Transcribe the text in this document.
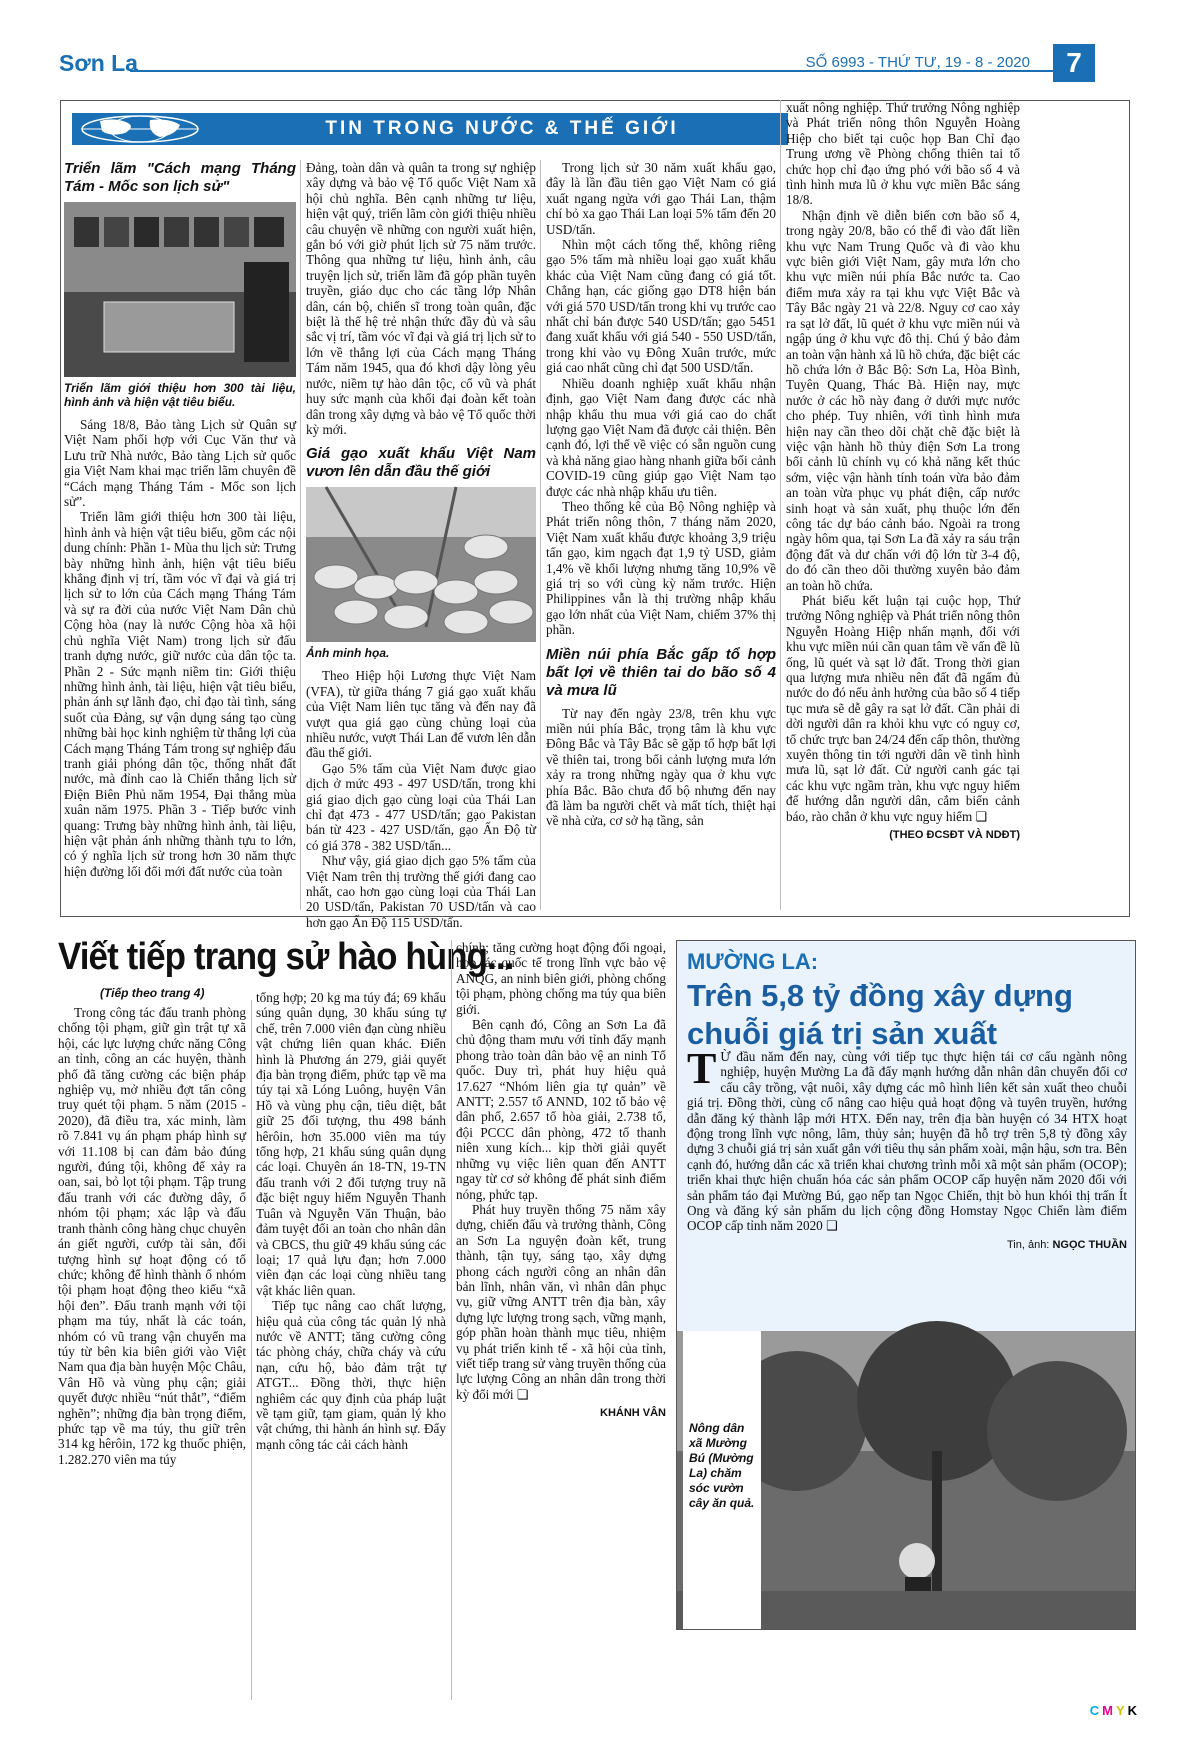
Sơn La	SỐ 6993 - THỨ TƯ, 19 - 8 - 2020	7
TIN TRONG NƯỚC & THẾ GIỚI
Triển lãm "Cách mạng Tháng Tám - Mốc son lịch sử"
Triển lãm giới thiệu hơn 300 tài liệu, hình ảnh và hiện vật tiêu biểu.

Sáng 18/8, Bảo tàng Lịch sử Quân sự Việt Nam phối hợp với Cục Văn thư và Lưu trữ Nhà nước, Bảo tàng Lịch sử quốc gia Việt Nam khai mạc triển lãm chuyên đề “Cách mạng Tháng Tám - Mốc son lịch sử”.

Triển lãm giới thiệu hơn 300 tài liệu, hình ảnh và hiện vật tiêu biểu, gồm các nội dung chính: Phần 1- Mùa thu lịch sử: Trưng bày những hình ảnh, hiện vật tiêu biểu khẳng định vị trí, tầm vóc vĩ đại và giá trị lịch sử to lớn của Cách mạng Tháng Tám và sự ra đời của nước Việt Nam Dân chủ Cộng hòa (nay là nước Cộng hòa xã hội chủ nghĩa Việt Nam) trong lịch sử đấu tranh dựng nước, giữ nước của dân tộc ta. Phần 2 - Sức mạnh niềm tin: Giới thiệu những hình ảnh, tài liệu, hiện vật tiêu biểu, phản ánh sự lãnh đạo, chỉ đạo tài tình, sáng suốt của Đảng, sự vận dụng sáng tạo cùng những bài học kinh nghiệm từ thắng lợi của Cách mạng Tháng Tám trong sự nghiệp đấu tranh giải phóng dân tộc, thống nhất đất nước, mà đỉnh cao là Chiến thắng lịch sử Điện Biên Phủ năm 1954, Đại thắng mùa xuân năm 1975. Phần 3 - Tiếp bước vinh quang: Trưng bày những hình ảnh, tài liệu, hiện vật phản ánh những thành tựu to lớn, có ý nghĩa lịch sử trong hơn 30 năm thực hiện đường lối đổi mới đất nước của toàn

Đảng, toàn dân và quân ta trong sự nghiệp xây dựng và bảo vệ Tổ quốc Việt Nam xã hội chủ nghĩa. Bên cạnh những tư liệu, hiện vật quý, triển lãm còn giới thiệu nhiều câu chuyện về những con người xuất hiện, gắn bó với giờ phút lịch sử 75 năm trước. Thông qua những tư liệu, hình ảnh, câu truyện lịch sử, triển lãm đã góp phần tuyên truyền, giáo dục cho các tầng lớp Nhân dân, cán bộ, chiến sĩ trong toàn quân, đặc biệt là thế hệ trẻ nhận thức đầy đủ và sâu sắc vị trí, tầm vóc vĩ đại và giá trị lịch sử to lớn về thắng lợi của Cách mạng Tháng Tám năm 1945, qua đó khơi dậy lòng yêu nước, niềm tự hào dân tộc, cổ vũ và phát huy sức mạnh của khối đại đoàn kết toàn dân trong xây dựng và bảo vệ Tổ quốc thời kỳ mới.

Giá gạo xuất khẩu Việt Nam vươn lên dẫn đầu thế giới
Ảnh minh họa.

Theo Hiệp hội Lương thực Việt Nam (VFA), từ giữa tháng 7 giá gạo xuất khẩu của Việt Nam liên tục tăng và đến nay đã vượt qua giá gạo cùng chủng loại của nhiều nước, vượt Thái Lan để vươn lên dẫn đầu thế giới.

Gạo 5% tấm của Việt Nam được giao dịch ở mức 493 - 497 USD/tấn, trong khi giá giao dịch gạo cùng loại của Thái Lan chỉ đạt 473 - 477 USD/tấn; gạo Pakistan bán từ 423 - 427 USD/tấn, gạo Ấn Độ từ có giá 378 - 382 USD/tấn...

Như vậy, giá giao dịch gạo 5% tấm của Việt Nam trên thị trường thế giới đang cao nhất, cao hơn gạo cùng loại của Thái Lan 20 USD/tấn, Pakistan 70 USD/tấn và cao hơn gạo Ấn Độ 115 USD/tấn.

Trong lịch sử 30 năm xuất khẩu gạo, đây là lần đầu tiên gạo Việt Nam có giá xuất ngang ngửa với gạo Thái Lan, thậm chí bỏ xa gạo Thái Lan loại 5% tấm đến 20 USD/tấn.

Nhìn một cách tổng thể, không riêng gạo 5% tấm mà nhiều loại gạo xuất khẩu khác của Việt Nam cũng đang có giá tốt. Chẳng hạn, các giống gạo DT8 hiện bán với giá 570 USD/tấn trong khi vụ trước cao nhất chỉ bán được 540 USD/tấn; gạo 5451 đang xuất khẩu với giá 540 - 550 USD/tấn, trong khi vào vụ Đông Xuân trước, mức giá cao nhất cũng chỉ đạt 500 USD/tấn.

Nhiều doanh nghiệp xuất khẩu nhận định, gạo Việt Nam đang được các nhà nhập khẩu thu mua với giá cao do chất lượng gạo Việt Nam đã được cải thiện. Bên cạnh đó, lợi thế về việc có sẵn nguồn cung và khả năng giao hàng nhanh giữa bối cảnh COVID-19 cũng giúp gạo Việt Nam tạo được các nhà nhập khẩu ưu tiên.

Theo thống kê của Bộ Nông nghiệp và Phát triển nông thôn, 7 tháng năm 2020, Việt Nam xuất khẩu được khoảng 3,9 triệu tấn gạo, kim ngạch đạt 1,9 tỷ USD, giảm 1,4% về khối lượng nhưng tăng 10,9% về giá trị so với cùng kỳ năm trước. Hiện Philippines vẫn là thị trường nhập khẩu gạo lớn nhất của Việt Nam, chiếm 37% thị phần.

Miền núi phía Bắc gấp tổ hợp bất lợi về thiên tai do bão số 4 và mưa lũ

Từ nay đến ngày 23/8, trên khu vực miền núi phía Bắc, trọng tâm là khu vực Đông Bắc và Tây Bắc sẽ gặp tổ hợp bất lợi về thiên tai, trong bối cảnh lượng mưa lớn xảy ra trong những ngày qua ở khu vực phía Bắc. Bão chưa đổ bộ nhưng đến nay đã làm ba người chết và mất tích, thiệt hại về nhà cửa, cơ sở hạ tầng, sản

xuất nông nghiệp. Thứ trưởng Nông nghiệp và Phát triển nông thôn Nguyễn Hoàng Hiệp cho biết tại cuộc họp Ban Chỉ đạo Trung ương về Phòng chống thiên tai tổ chức họp chỉ đạo ứng phó với bão số 4 và tình hình mưa lũ ở khu vực miền Bắc sáng 18/8.

Nhận định về diễn biến cơn bão số 4, trong ngày 20/8, bão có thể đi vào đất liền khu vực Nam Trung Quốc và đi vào khu vực biên giới Việt Nam, gây mưa lớn cho khu vực miền núi phía Bắc nước ta. Cao điểm mưa xảy ra tại khu vực Việt Bắc và Tây Bắc ngày 21 và 22/8. Nguy cơ cao xảy ra sạt lở đất, lũ quét ở khu vực miền núi và ngập úng ở khu vực đô thị. Chú ý bảo đảm an toàn vận hành xả lũ hồ chứa, đặc biệt các hồ chứa lớn ở Bắc Bộ: Sơn La, Hòa Bình, Tuyên Quang, Thác Bà. Hiện nay, mực nước ở các hồ này đang ở dưới mực nước cho phép. Tuy nhiên, với tình hình mưa hiện nay cần theo dõi chặt chẽ đặc biệt là việc vận hành hồ thủy điện Sơn La trong bối cảnh lũ chính vụ có khả năng kết thúc sớm, việc vận hành tính toán vừa bảo đảm an toàn vừa phục vụ phát điện, cấp nước sinh hoạt và sản xuất, phụ thuộc lớn đến công tác dự báo cảnh báo. Ngoài ra trong ngày hôm qua, tại Sơn La đã xảy ra sáu trận động đất và dư chấn với độ lớn từ 3-4 độ, do đó cần theo dõi thường xuyên bảo đảm an toàn hồ chứa.

Phát biểu kết luận tại cuộc họp, Thứ trưởng Nông nghiệp và Phát triển nông thôn Nguyễn Hoàng Hiệp nhấn mạnh, đối với khu vực miền núi cần quan tâm về vấn đề lũ ống, lũ quét và sạt lở đất. Trong thời gian qua lượng mưa nhiều nên đất đã ngấm đủ nước do đó nếu ảnh hưởng của bão số 4 tiếp tục mưa sẽ dễ gây ra sạt lở đất. Cần phải di dời người dân ra khỏi khu vực có nguy cơ, tổ chức trực ban 24/24 đến cấp thôn, thường xuyên thông tin tới người dân về tình hình mưa lũ, sạt lở đất. Cử người canh gác tại các khu vực ngầm tràn, khu vực nguy hiểm để hướng dẫn người dân, cắm biển cảnh báo, rào chắn ở khu vực nguy hiểm ❑

(THEO ĐCSĐT VÀ NDĐT)
Viết tiếp trang sử hào hùng...
(Tiếp theo trang 4)

Trong công tác đấu tranh phòng chống tội phạm, giữ gìn trật tự xã hội, các lực lượng chức năng Công an tỉnh, công an các huyện, thành phố đã tăng cường các biện pháp nghiệp vụ, mở nhiều đợt tấn công truy quét tội phạm. 5 năm (2015 - 2020), đã điều tra, xác minh, làm rõ 7.841 vụ án phạm pháp hình sự với 11.108 bị can đảm bảo đúng người, đúng tội, không để xảy ra oan, sai, bỏ lọt tội phạm. Tập trung đấu tranh với các đường dây, ổ nhóm tội phạm; xác lập và đấu tranh thành công hàng chục chuyên án giết người, cướp tài sản, đối tượng hình sự hoạt động có tổ chức; không để hình thành ổ nhóm tội phạm hoạt động theo kiểu “xã hội đen”. Đấu tranh mạnh với tội phạm ma túy, nhất là các toán, nhóm có vũ trang vận chuyển ma túy từ bên kia biên giới vào Việt Nam qua địa bàn huyện Mộc Châu, Vân Hồ và vùng phụ cận; giải quyết được nhiều “nút thắt”, “điểm nghẽn”; những địa bàn trọng điểm, phức tạp về ma túy, thu giữ trên 314 kg hêrôin, 172 kg thuốc phiện, 1.282.270 viên ma túy

tổng hợp; 20 kg ma túy đá; 69 khẩu súng quân dụng, 30 khẩu súng tự chế, trên 7.000 viên đạn cùng nhiều vật chứng liên quan khác. Điển hình là Phương án 279, giải quyết địa bàn trọng điểm, phức tạp về ma túy tại xã Lóng Luông, huyện Vân Hồ và vùng phụ cận, tiêu diệt, bắt giữ 25 đối tượng, thu 498 bánh hêrôin, hơn 35.000 viên ma túy tổng hợp, 21 khẩu súng quân dụng các loại. Chuyên án 18-TN, 19-TN đấu tranh với 2 đối tượng truy nã đặc biệt nguy hiểm Nguyễn Thanh Tuân và Nguyễn Văn Thuận, bảo đảm tuyệt đối an toàn cho nhân dân và CBCS, thu giữ 49 khẩu súng các loại; 17 quả lựu đạn; hơn 7.000 viên đạn các loại cùng nhiều tang vật khác liên quan.

Tiếp tục nâng cao chất lượng, hiệu quả của công tác quản lý nhà nước về ANTT; tăng cường công tác phòng cháy, chữa cháy và cứu nạn, cứu hộ, bảo đảm trật tự ATGT... Đồng thời, thực hiện nghiêm các quy định của pháp luật về tạm giữ, tạm giam, quản lý kho vật chứng, thi hành án hình sự. Đẩy mạnh công tác cải cách hành

chính; tăng cường hoạt động đối ngoại, hợp tác quốc tế trong lĩnh vực bảo vệ ANQG, an ninh biên giới, phòng chống tội phạm, phòng chống ma túy qua biên giới.

Bên cạnh đó, Công an Sơn La đã chủ động tham mưu với tỉnh đẩy mạnh phong trào toàn dân bảo vệ an ninh Tổ quốc. Duy trì, phát huy hiệu quả 17.627 “Nhóm liên gia tự quản” về ANTT; 2.557 tổ ANND, 102 tổ bảo vệ dân phố, 2.657 tổ hòa giải, 2.738 tổ, đội PCCC dân phòng, 472 tổ thanh niên xung kích... kịp thời giải quyết những vụ việc liên quan đến ANTT ngay từ cơ sở không để phát sinh điểm nóng, phức tạp.

Phát huy truyền thống 75 năm xây dựng, chiến đấu và trưởng thành, Công an Sơn La nguyện đoàn kết, trung thành, tận tụy, sáng tạo, xây dựng phong cách người công an nhân dân bản lĩnh, nhân văn, vì nhân dân phục vụ, giữ vững ANTT trên địa bàn, xây dựng lực lượng trong sạch, vững mạnh, góp phần hoàn thành mục tiêu, nhiệm vụ phát triển kinh tế - xã hội của tỉnh, viết tiếp trang sử vàng truyền thống của lực lượng Công an nhân dân trong thời kỳ đổi mới ❑

KHÁNH VÂN
MƯỜNG LA:
Trên 5,8 tỷ đồng xây dựng chuỗi giá trị sản xuất
T Ừ đầu năm đến nay, cùng với tiếp tục thực hiện tái cơ cấu ngành nông nghiệp, huyện Mường La đã đẩy mạnh hướng dẫn nhân dân chuyển đổi cơ cấu cây trồng, vật nuôi, xây dựng các mô hình liên kết sản xuất theo chuỗi giá trị. Đồng thời, cùng cố nâng cao hiệu quả hoạt động và tuyên truyền, hướng dẫn đăng ký thành lập mới HTX. Đến nay, trên địa bàn huyện có 34 HTX hoạt động trong lĩnh vực nông, lâm, thủy sản; huyện đã hỗ trợ trên 5,8 tỷ đồng xây dựng 3 chuỗi giá trị sản xuất gắn với tiêu thụ sản phẩm xoài, mận hậu, sơn tra. Bên cạnh đó, hướng dẫn các xã triển khai chương trình mỗi xã một sản phẩm (OCOP); triển khai thực hiện chuẩn hóa các sản phẩm OCOP cấp huyện năm 2020 đối với sản phẩm táo đại Mường Bú, gạo nếp tan Ngọc Chiến, thịt bò hun khói thị trấn Ít Ong và đăng ký sản phẩm du lịch cộng đồng Homstay Ngọc Chiến làm điểm OCOP cấp tỉnh năm 2020 ❑
Tin, ảnh: NGỌC THUẦN
Nông dân xã Mường Bú (Mường La) chăm sóc vườn cây ăn quả.
CMYK
